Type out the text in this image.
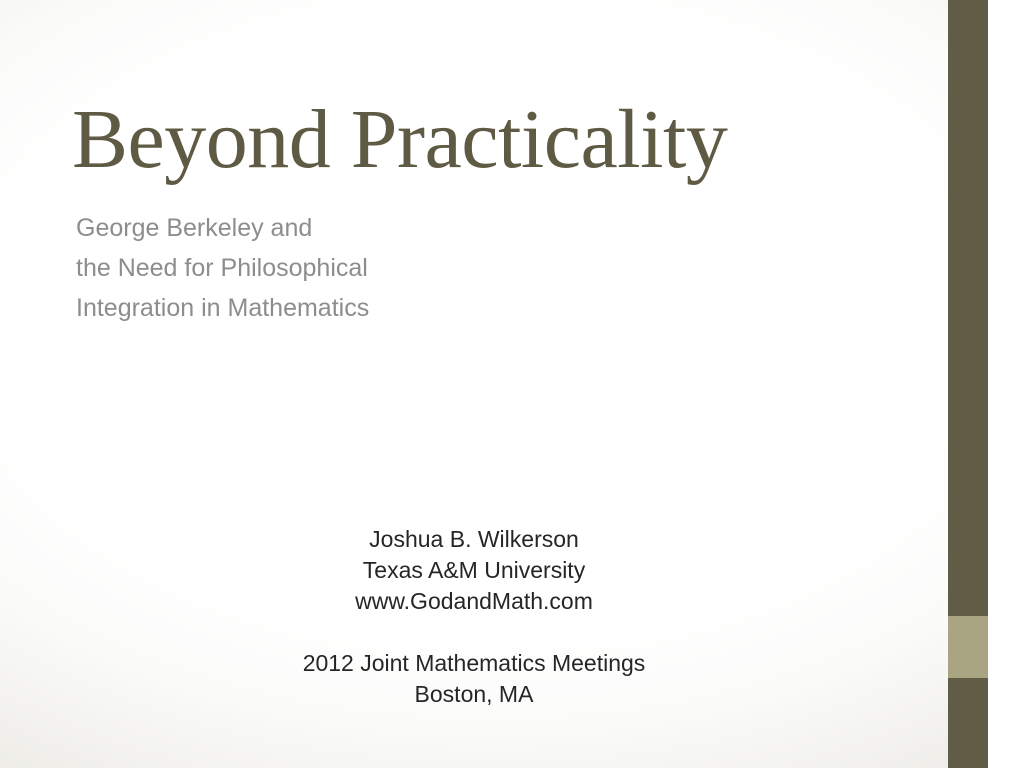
Beyond Practicality
George Berkeley and
the Need for Philosophical
Integration in Mathematics
Joshua B. Wilkerson
Texas A&M University
www.GodandMath.com
2012 Joint Mathematics Meetings
Boston, MA
